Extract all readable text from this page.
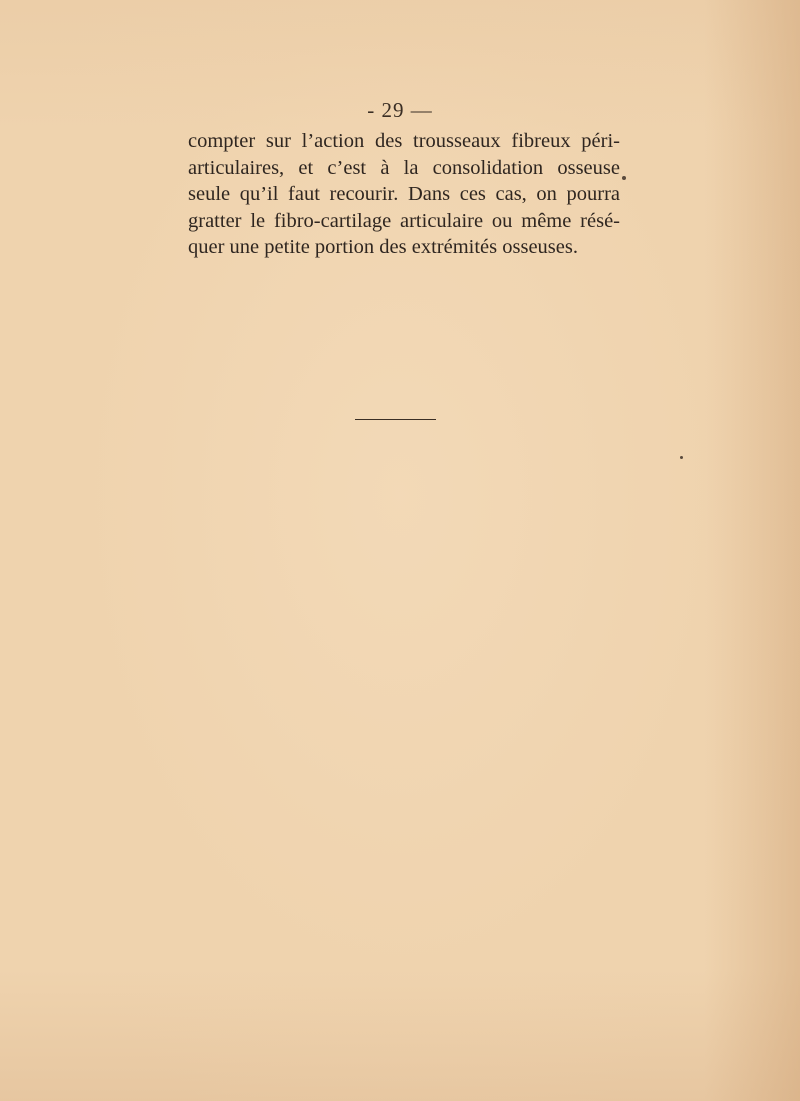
- 29 —
compter sur l’action des trousseaux fibreux péri-
articulaires, et c’est à la consolidation osseuse
seule qu’il faut recourir. Dans ces cas, on pourra
gratter le fibro-cartilage articulaire ou même résé-
quer une petite portion des extrémités osseuses.
